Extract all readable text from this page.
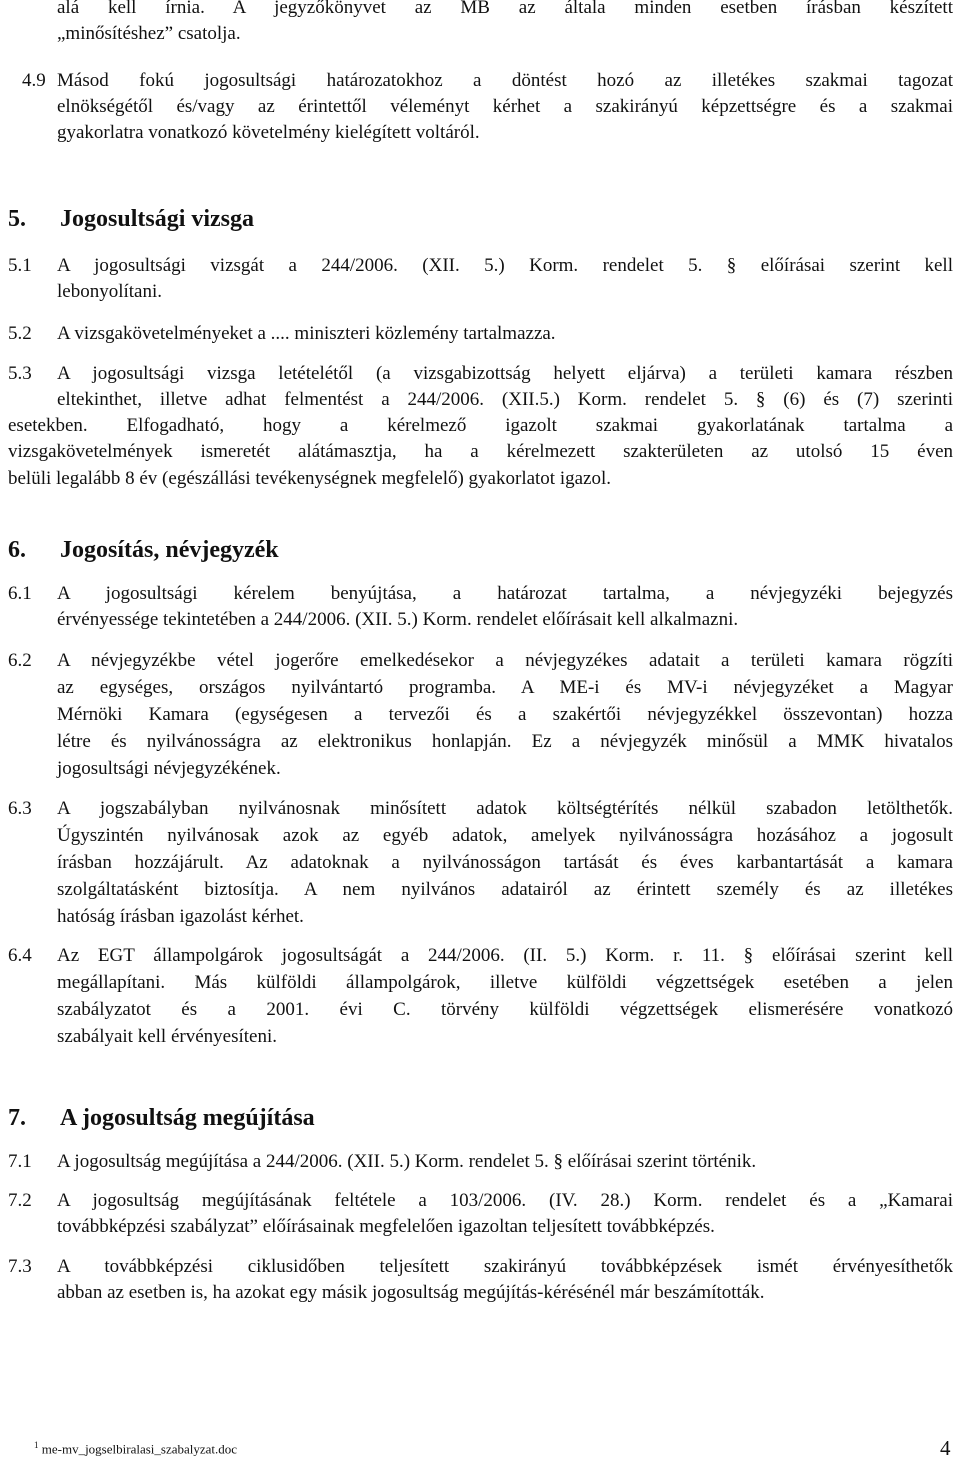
alá kell írnia. A jegyzőkönyvet az MB az általa minden esetben írásban készített
„minősítéshez” csatolja.
4.9 Másod fokú jogosultsági határozatokhoz a döntést hozó az illetékes szakmai tagozat
elnökségétől és/vagy az érintettől véleményt kérhet a szakirányú képzettségre és a szakmai
gyakorlatra vonatkozó követelmény kielégített voltáról.
5. Jogosultsági vizsga
5.1 A jogosultsági vizsgát a 244/2006. (XII. 5.) Korm. rendelet 5. § előírásai szerint kell
lebonyolítani.
5.2 A vizsgakövetelményeket a .... miniszteri közlemény tartalmazza.
5.3 A jogosultsági vizsga letételétől (a vizsgabizottság helyett eljárva) a területi kamara részben
eltekinthet, illetve adhat felmentést a 244/2006. (XII.5.) Korm. rendelet 5. § (6) és (7) szerinti
esetekben. Elfogadható, hogy a kérelmező igazolt szakmai gyakorlatának tartalma a
vizsgakövetelmények ismeretét alátámasztja, ha a kérelmezett szakterületen az utolsó 15 éven
belüli legalább 8 év (egészállási tevékenységnek megfelelő) gyakorlatot igazol.
6. Jogosítás, névjegyzék
6.1 A jogosultsági kérelem benyújtása, a határozat tartalma, a névjegyzéki bejegyzés
érvényessége tekintetében a 244/2006. (XII. 5.) Korm. rendelet előírásait kell alkalmazni.
6.2 A névjegyzékbe vétel jogerőre emelkedésekor a névjegyzékes adatait a területi kamara rögzíti
az egységes, országos nyilvántartó programba. A ME-i és MV-i névjegyzéket a Magyar
Mérnöki Kamara (egységesen a tervezői és a szakértői névjegyzékkel összevontan) hozza
létre és nyilvánosságra az elektronikus honlapján. Ez a névjegyzék minősül a MMK hivatalos
jogosultsági névjegyzékének.
6.3 A jogszabályban nyilvánosnak minősített adatok költségtérítés nélkül szabadon letölthetők.
Úgyszintén nyilvánosak azok az egyéb adatok, amelyek nyilvánosságra hozásához a jogosult
írásban hozzájárult. Az adatoknak a nyilvánosságon tartását és éves karbantartását a kamara
szolgáltatásként biztosítja. A nem nyilvános adatairól az érintett személy és az illetékes
hatóság írásban igazolást kérhet.
6.4 Az EGT állampolgárok jogosultságát a 244/2006. (II. 5.) Korm. r. 11. § előírásai szerint kell
megállapítani. Más külföldi állampolgárok, illetve külföldi végzettségek esetében a jelen
szabályzatot és a 2001. évi C. törvény külföldi végzettségek elismerésére vonatkozó
szabályait kell érvényesíteni.
7. A jogosultság megújítása
7.1 A jogosultság megújítása a 244/2006. (XII. 5.) Korm. rendelet 5. § előírásai szerint történik.
7.2 A jogosultság megújításának feltétele a 103/2006. (IV. 28.) Korm. rendelet és a „Kamarai
továbbképzési szabályzat” előírásainak megfelelően igazoltan teljesített továbbképzés.
7.3 A továbbképzési ciklusidőben teljesített szakirányú továbbképzések ismét érvényesíthetők
abban az esetben is, ha azokat egy másik jogosultság megújítás-kérésénél már beszámították.
$^1$ me-mv_jogselbiralasi_szabalyzat.doc	4
